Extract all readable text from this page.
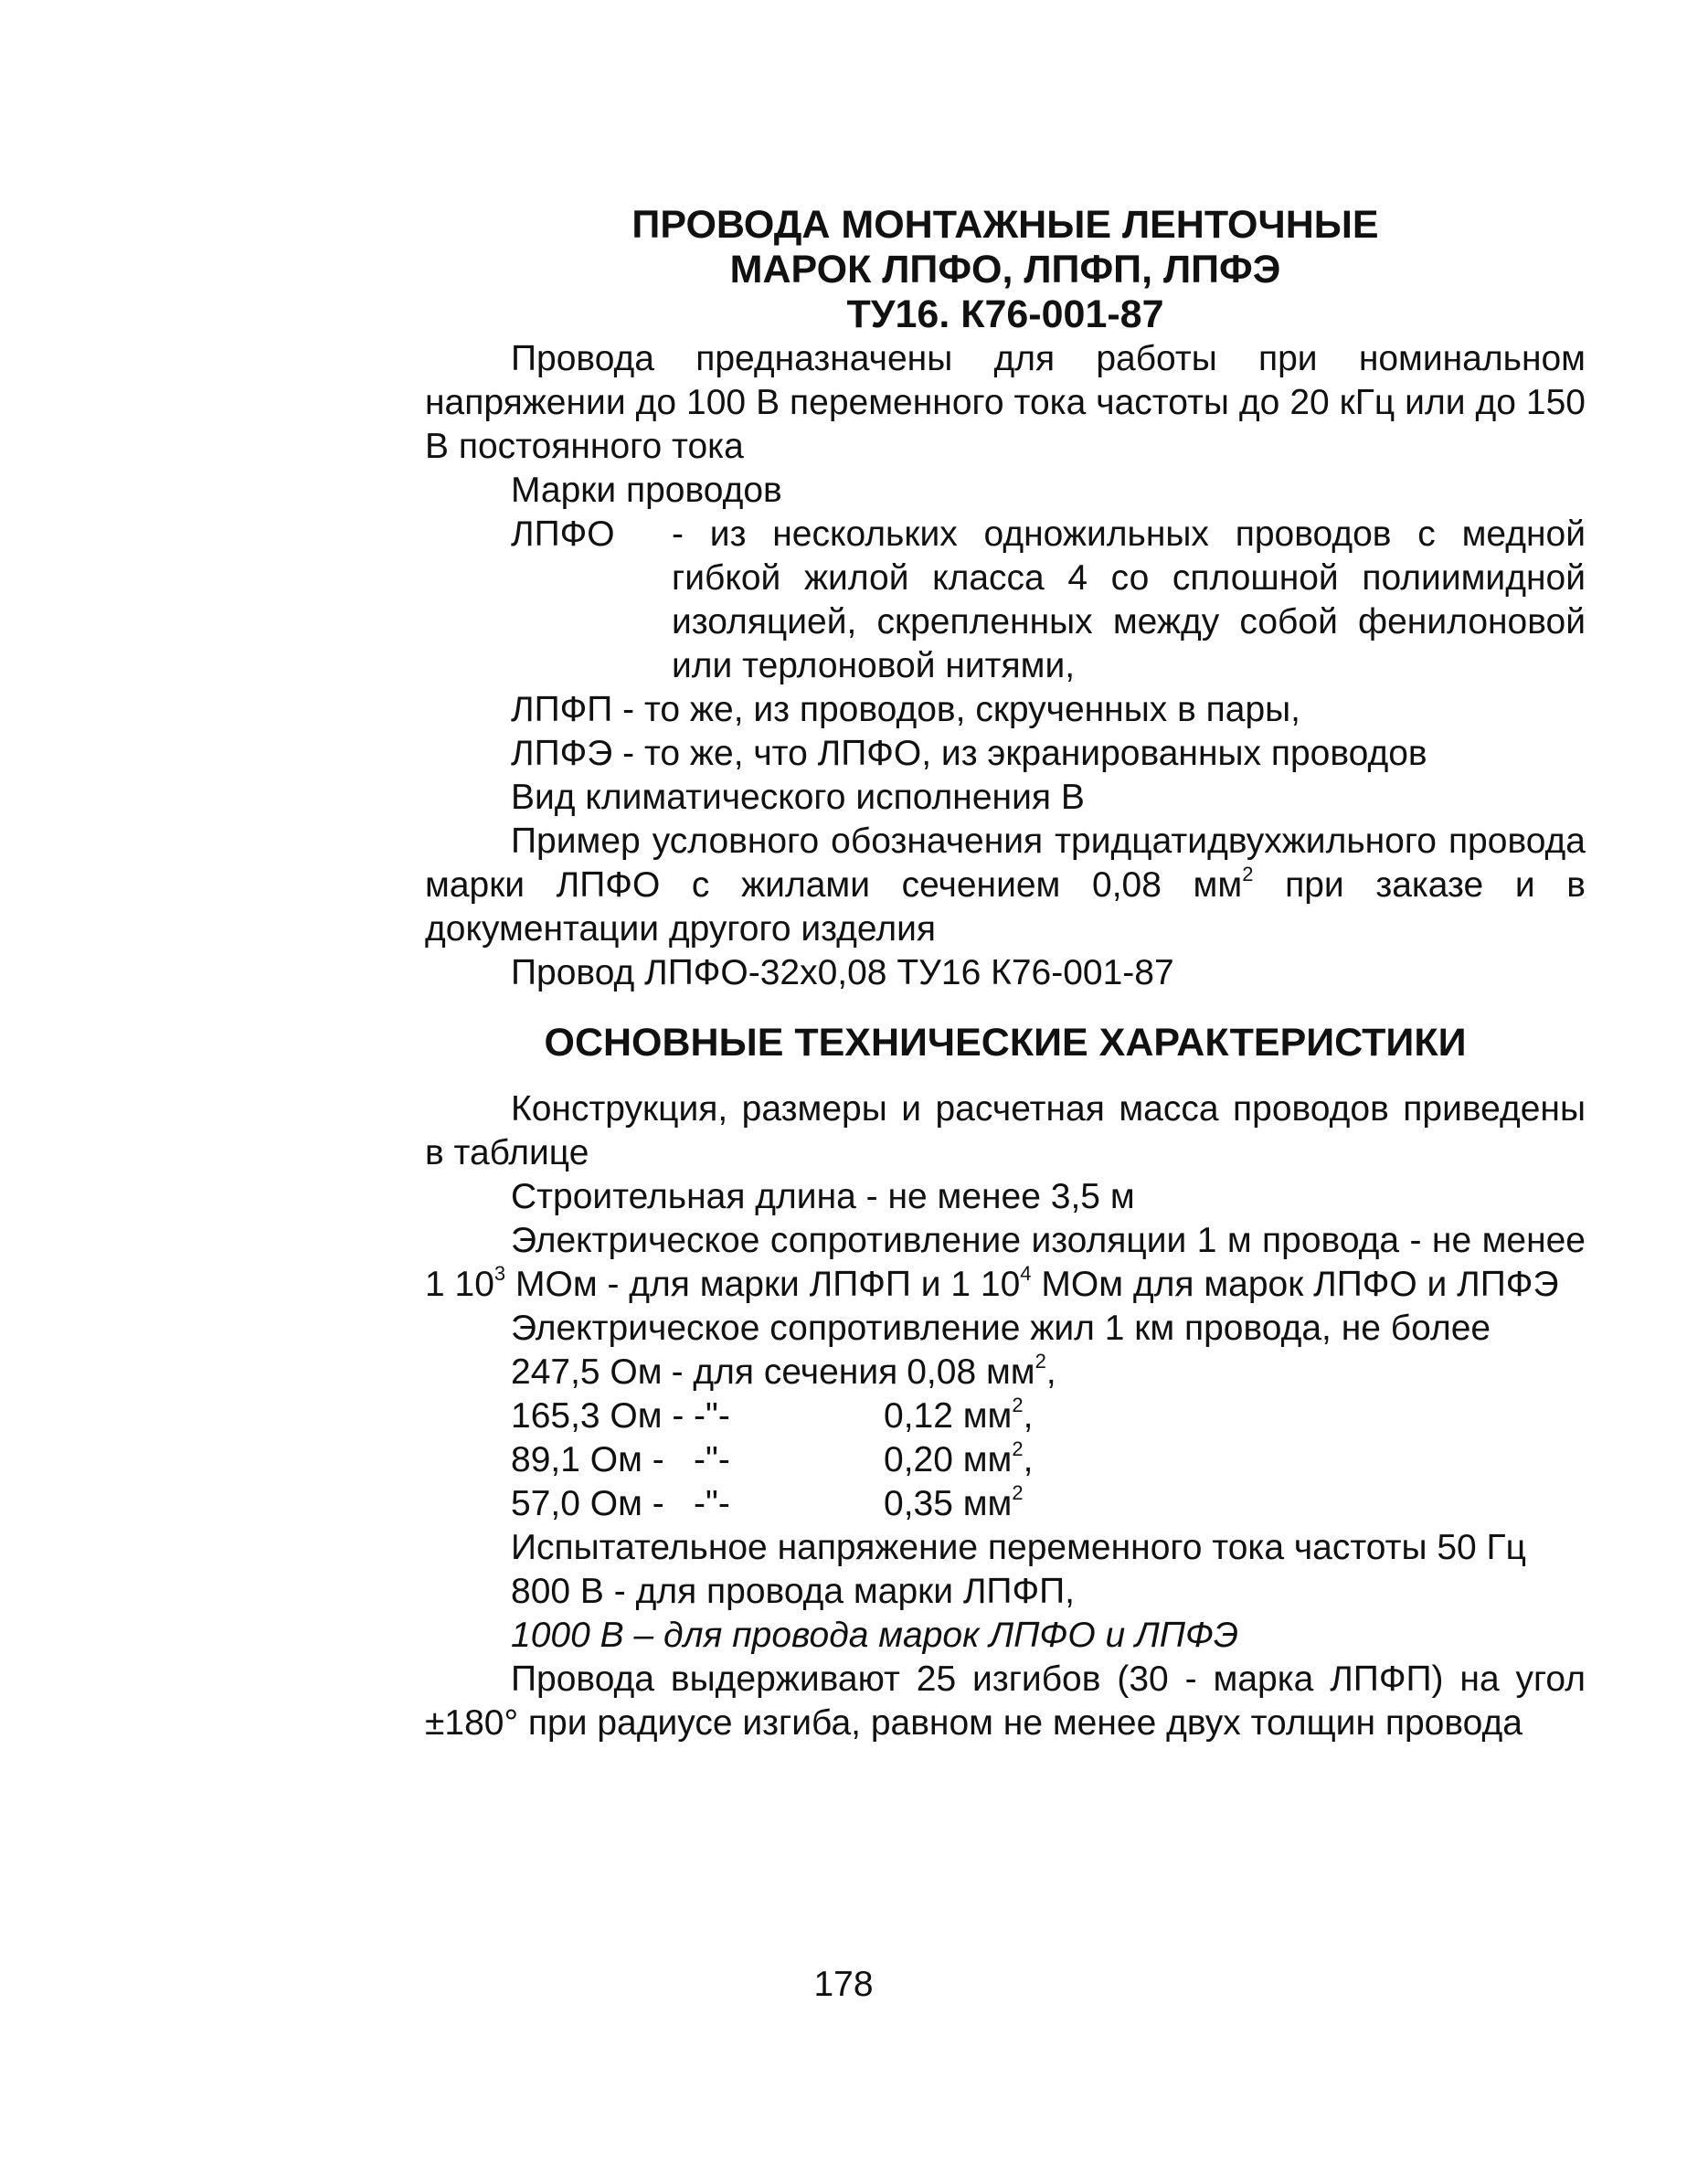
ПРОВОДА МОНТАЖНЫЕ ЛЕНТОЧНЫЕ

МАРОК ЛПФО, ЛПФП, ЛПФЭ

ТУ16. К76-001-87

Провода предназначены для работы при номинальном напряжении до 100 В переменного тока частоты до 20 кГц или до 150 В постоянного тока

Марки проводов

ЛПФО	- из нескольких одножильных проводов с медной гибкой жилой класса 4 со сплошной полиимидной изоляцией, скрепленных между собой фенилоновой или терлоновой нитями,

ЛПФП - то же, из проводов, скрученных в пары,

ЛПФЭ - то же, что ЛПФО, из экранированных проводов

Вид климатического исполнения В

Пример условного обозначения тридцатидвухжильного провода марки ЛПФО с жилами сечением 0,08 $мм^2$ при заказе и в документации другого изделия

Провод ЛПФО-32х0,08 ТУ16 К76-001-87

ОСНОВНЫЕ ТЕХНИЧЕСКИЕ ХАРАКТЕРИСТИКИ

Конструкция, размеры и расчетная масса проводов приведены в таблице

Строительная длина - не менее 3,5 м

Электрическое сопротивление изоляции 1 м провода - не менее 1 $10^3$ МОм - для марки ЛПФП и 1 $10^4$ МОм для марок ЛПФО и ЛПФЭ

Электрическое сопротивление жил 1 км провода, не более

247,5 Ом - для сечения 0,08 $мм^2$,
165,3 Ом - -"-	0,12 $мм^2$,
89,1 Ом - -"-	0,20 $мм^2$,
57,0 Ом - -"-	0,35 $мм^2$

Испытательное напряжение переменного тока частоты 50 Гц

800 В - для провода марки ЛПФП,

1000 В – для провода марок ЛПФО и ЛПФЭ

Провода выдерживают 25 изгибов (30 - марка ЛПФП) на угол ±180° при радиусе изгиба, равном не менее двух толщин провода

178
